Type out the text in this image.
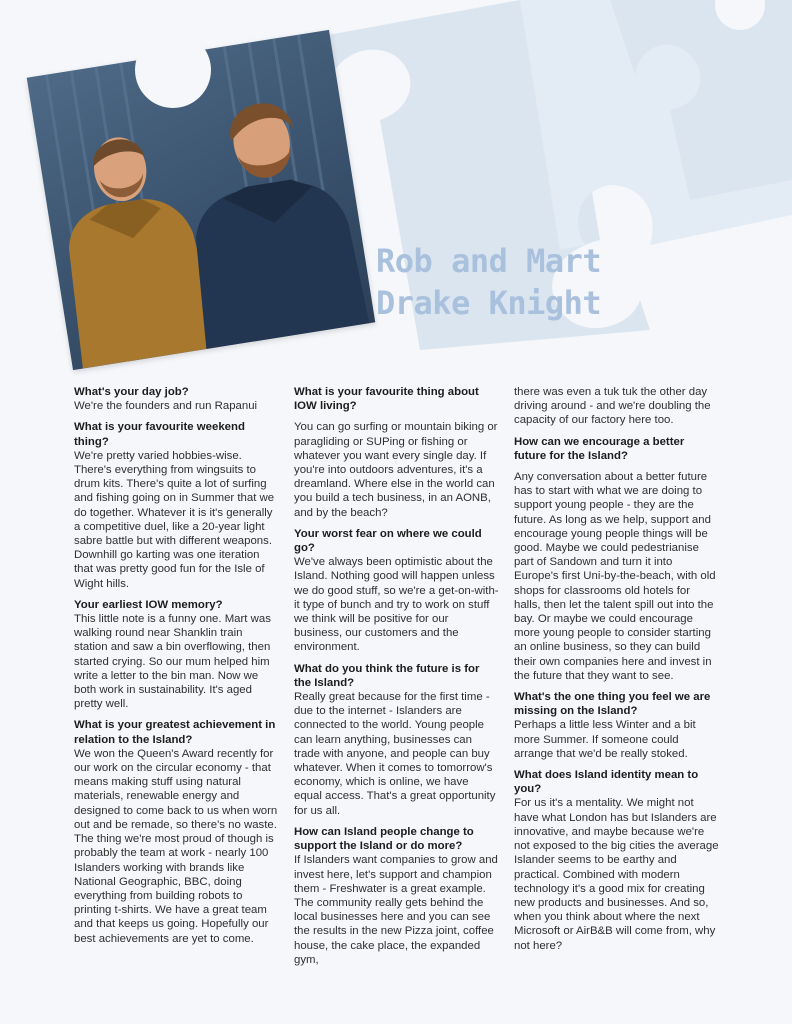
Rob and Mart
Drake Knight

What's your day job?

We're the founders and run Rapanui

What is your favourite weekend thing?

We're pretty varied hobbies-wise. There's everything from wingsuits to drum kits. There's quite a lot of surfing and fishing going on in Summer that we do together. Whatever it is it's generally a competitive duel, like a 20-year light sabre battle but with different weapons. Downhill go karting was one iteration that was pretty good fun for the Isle of Wight hills.

Your earliest IOW memory?

This little note is a funny one. Mart was walking round near Shanklin train station and saw a bin overflowing, then started crying. So our mum helped him write a letter to the bin man. Now we both work in sustainability. It's aged pretty well.

What is your greatest achievement in relation to the Island?

We won the Queen's Award recently for our work on the circular economy - that means making stuff using natural materials, renewable energy and designed to come back to us when worn out and be remade, so there's no waste. The thing we're most proud of though is probably the team at work - nearly 100 Islanders working with brands like National Geographic, BBC, doing everything from building robots to printing t-shirts. We have a great team and that keeps us going. Hopefully our best achievements are yet to come.

What is your favourite thing about IOW living?

You can go surfing or mountain biking or paragliding or SUPing or fishing or whatever you want every single day. If you're into outdoors adventures, it's a dreamland. Where else in the world can you build a tech business, in an AONB, and by the beach?

Your worst fear on where we could go?

We've always been optimistic about the Island. Nothing good will happen unless we do good stuff, so we're a get-on-with-it type of bunch and try to work on stuff we think will be positive for our business, our customers and the environment.

What do you think the future is for the Island?

Really great because for the first time - due to the internet - Islanders are connected to the world. Young people can learn anything, businesses can trade with anyone, and people can buy whatever. When it comes to tomorrow's economy, which is online, we have equal access. That's a great opportunity for us all.

How can Island people change to support the Island or do more?

If Islanders want companies to grow and invest here, let's support and champion them - Freshwater is a great example. The community really gets behind the local businesses here and you can see the results in the new Pizza joint, coffee house, the cake place, the expanded gym,

there was even a tuk tuk the other day driving around - and we're doubling the capacity of our factory here too.

How can we encourage a better future for the Island?

Any conversation about a better future has to start with what we are doing to support young people - they are the future. As long as we help, support and encourage young people things will be good. Maybe we could pedestrianise part of Sandown and turn it into Europe's first Uni-by-the-beach, with old shops for classrooms old hotels for halls, then let the talent spill out into the bay. Or maybe we could encourage more young people to consider starting an online business, so they can build their own companies here and invest in the future that they want to see.

What's the one thing you feel we are missing on the Island?

Perhaps a little less Winter and a bit more Summer. If someone could arrange that we'd be really stoked.

What does Island identity mean to you?

For us it's a mentality. We might not have what London has but Islanders are innovative, and maybe because we're not exposed to the big cities the average Islander seems to be earthy and practical. Combined with modern technology it's a good mix for creating new products and businesses. And so, when you think about where the next Microsoft or AirB&B will come from, why not here?
